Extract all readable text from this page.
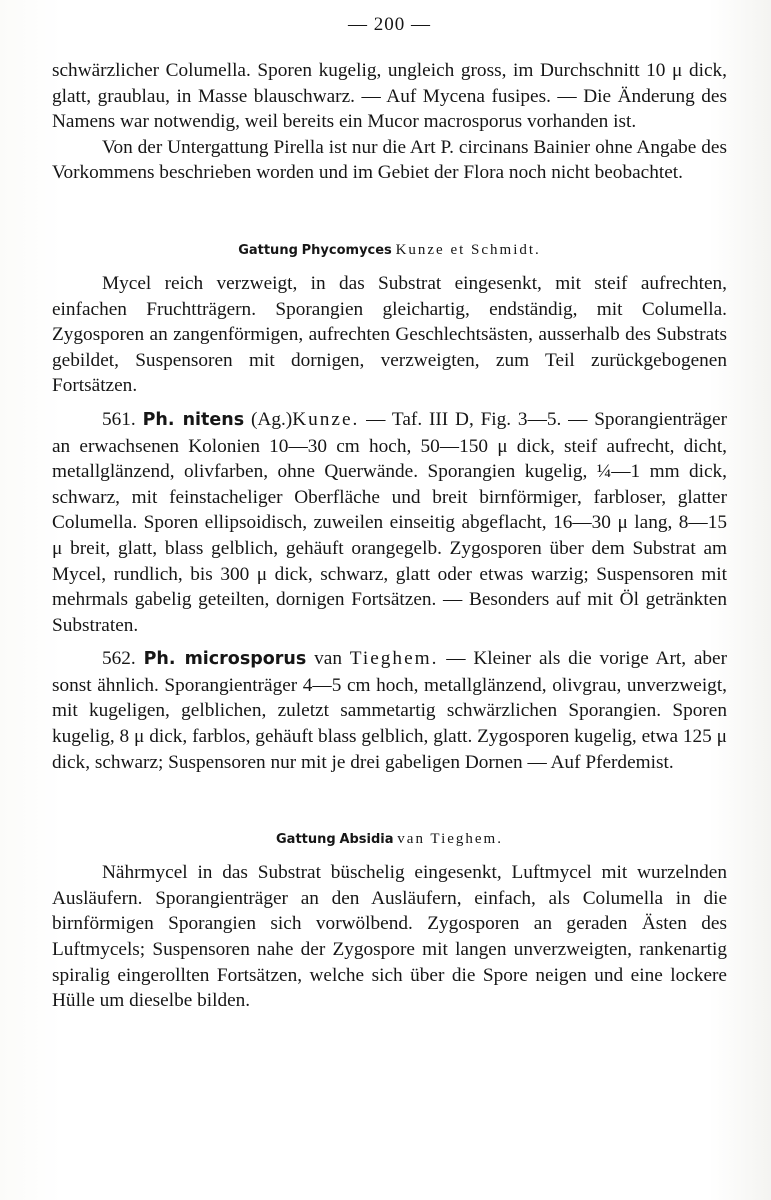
— 200 —

schwärzlicher Columella. Sporen kugelig, ungleich gross, im Durchschnitt 10 μ dick, glatt, graublau, in Masse blauschwarz. — Auf Mycena fusipes. — Die Änderung des Namens war notwendig, weil bereits ein Mucor macrosporus vorhanden ist.

Von der Untergattung Pirella ist nur die Art P. circinans Bainier ohne Angabe des Vorkommens beschrieben worden und im Gebiet der Flora noch nicht beobachtet.

Gattung Phycomyces Kunze et Schmidt.

Mycel reich verzweigt, in das Substrat eingesenkt, mit steif aufrechten, einfachen Fruchtträgern. Sporangien gleichartig, endständig, mit Columella. Zygosporen an zangenförmigen, aufrechten Geschlechtsästen, ausserhalb des Substrats gebildet, Suspensoren mit dornigen, verzweigten, zum Teil zurückgebogenen Fortsätzen.

561. Ph. nitens (Ag.)Kunze. — Taf. III D, Fig. 3—5. — Sporangienträger an erwachsenen Kolonien 10—30 cm hoch, 50—150 μ dick, steif aufrecht, dicht, metallglänzend, olivfarben, ohne Querwände. Sporangien kugelig, ¼—1 mm dick, schwarz, mit feinstacheliger Oberfläche und breit birnförmiger, farbloser, glatter Columella. Sporen ellipsoidisch, zuweilen einseitig abgeflacht, 16—30 μ lang, 8—15 μ breit, glatt, blass gelblich, gehäuft orangegelb. Zygosporen über dem Substrat am Mycel, rundlich, bis 300 μ dick, schwarz, glatt oder etwas warzig; Suspensoren mit mehrmals gabelig geteilten, dornigen Fortsätzen. — Besonders auf mit Öl getränkten Substraten.

562. Ph. microsporus van Tieghem. — Kleiner als die vorige Art, aber sonst ähnlich. Sporangienträger 4—5 cm hoch, metallglänzend, olivgrau, unverzweigt, mit kugeligen, gelblichen, zuletzt sammetartig schwärzlichen Sporangien. Sporen kugelig, 8 μ dick, farblos, gehäuft blass gelblich, glatt. Zygosporen kugelig, etwa 125 μ dick, schwarz; Suspensoren nur mit je drei gabeligen Dornen — Auf Pferdemist.

Gattung Absidia van Tieghem.

Nährmycel in das Substrat büschelig eingesenkt, Luftmycel mit wurzelnden Ausläufern. Sporangienträger an den Ausläufern, einfach, als Columella in die birnförmigen Sporangien sich vorwölbend. Zygosporen an geraden Ästen des Luftmycels; Suspensoren nahe der Zygospore mit langen unverzweigten, rankenartig spiralig eingerollten Fortsätzen, welche sich über die Spore neigen und eine lockere Hülle um dieselbe bilden.
